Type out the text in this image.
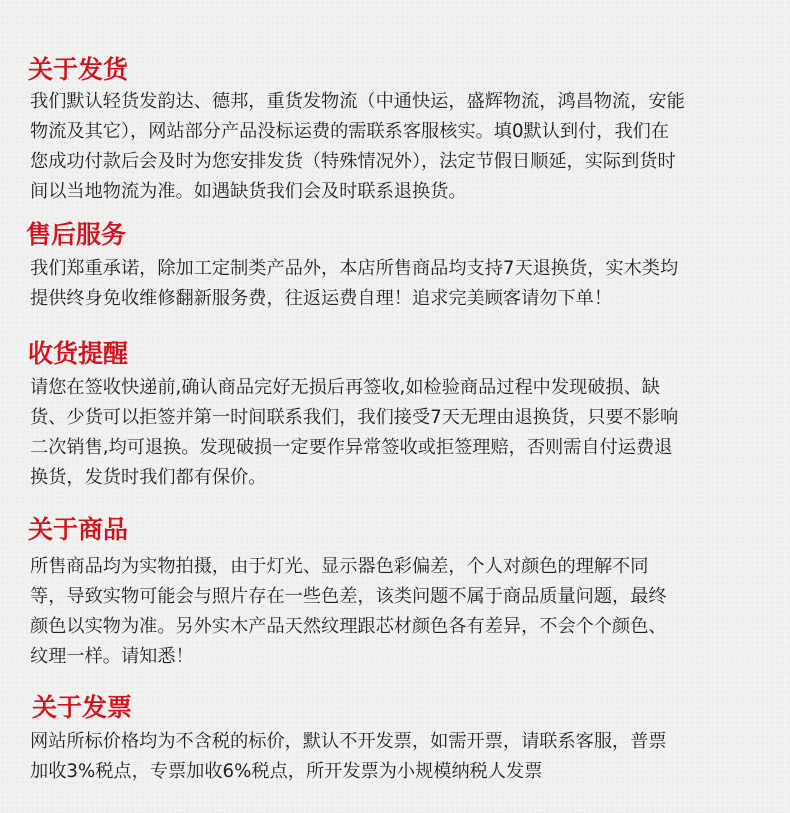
关于发货
我们默认轻货发韵达、德邦，重货发物流（中通快运，盛辉物流，鸿昌物流，安能
物流及其它），网站部分产品没标运费的需联系客服核实。填0默认到付，我们在
您成功付款后会及时为您安排发货（特殊情况外），法定节假日顺延，实际到货时
间以当地物流为准。如遇缺货我们会及时联系退换货。
售后服务
我们郑重承诺，除加工定制类产品外，本店所售商品均支持7天退换货，实木类均
提供终身免收维修翻新服务费，往返运费自理！追求完美顾客请勿下单！
收货提醒
请您在签收快递前,确认商品完好无损后再签收,如检验商品过程中发现破损、缺
货、少货可以拒签并第一时间联系我们，我们接受7天无理由退换货，只要不影响
二次销售,均可退换。发现破损一定要作异常签收或拒签理赔，否则需自付运费退
换货，发货时我们都有保价。
关于商品
所售商品均为实物拍摄，由于灯光、显示器色彩偏差，个人对颜色的理解不同
等，导致实物可能会与照片存在一些色差，该类问题不属于商品质量问题，最终
颜色以实物为准。另外实木产品天然纹理跟芯材颜色各有差异，不会个个颜色、
纹理一样。请知悉！
关于发票
网站所标价格均为不含税的标价，默认不开发票，如需开票，请联系客服，普票
加收3%税点，专票加收6%税点，所开发票为小规模纳税人发票
